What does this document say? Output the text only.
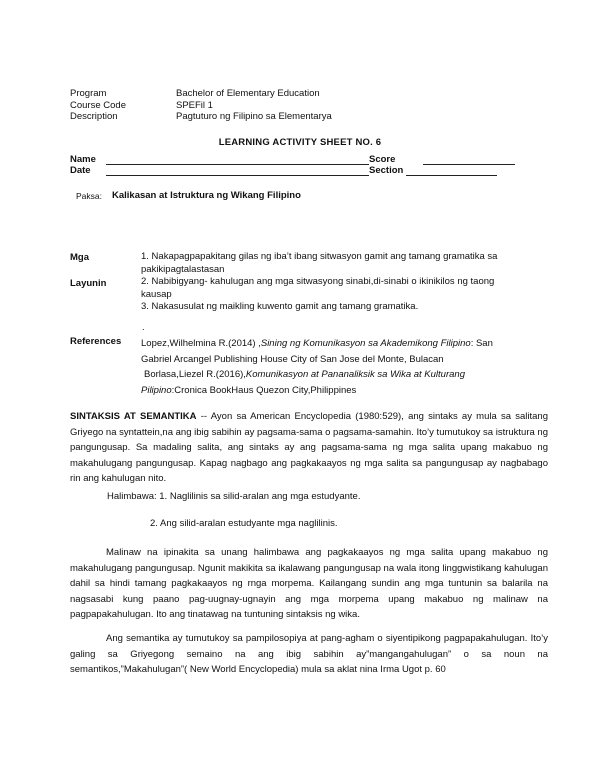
Program	Bachelor of Elementary Education
Course Code	SPEFil 1
Description	Pagtuturo ng Filipino sa Elementarya
LEARNING ACTIVITY SHEET NO. 6
Name	Score
Date	Section
Paksa:	Kalikasan at Istruktura ng Wikang Filipino
Mga
Layunin
1. Nakapagpapakitang gilas ng iba’t ibang sitwasyon gamit ang tamang gramatika sa
pakikipagtalastasan
2. Nabibigyang- kahulugan ang mga sitwasyong sinabi,di-sinabi o ikinikilos ng taong
kausap
3. Nakasusulat ng maikling kuwento gamit ang tamang gramatika.
.
References Lopez,Wilhelmina R.(2014) ,Sining ng Komunikasyon sa Akademikong Filipino: San
Gabriel Arcangel Publishing House City of San Jose del Monte, Bulacan
Borlasa,Liezel R.(2016),Komunikasyon at Pananaliksik sa Wika at Kulturang
Pilipino:Cronica BookHaus Quezon City,Philippines

SINTAKSIS AT SEMANTIKA -- Ayon sa American Encyclopedia (1980:529), ang sintaks ay mula sa salitang Griyego na syntattein,na ang ibig sabihin ay pagsama-sama o pagsama-samahin. Ito’y tumutukoy sa istruktura ng pangungusap. Sa madaling salita, ang sintaks ay ang pagsama-sama ng mga salita upang makabuo ng makahulugang pangungusap. Kapag nagbago ang pagkakaayos ng mga salita sa pangungusap ay nagbabago rin ang kahulugan nito.

Halimbawa: 1. Naglilinis sa silid-aralan ang mga estudyante.
2. Ang silid-aralan estudyante mga naglilinis.
Malinaw na ipinakita sa unang halimbawa ang pagkakaayos ng mga salita upang makabuo ng makahulugang pangungusap. Ngunit makikita sa ikalawang pangungusap na wala itong linggwistikang kahulugan dahil sa hindi tamang pagkakaayos ng rnga morpema. Kailangang sundin ang mga tuntunin sa balarila na nagsasabi kung paano pag-uugnay-ugnayin ang mga morpema upang makabuo ng malinaw na pagpapakahulugan. Ito ang tinatawag na tuntuning sintaksis ng wika.
Ang semantika ay tumutukoy sa pampilosopiya at pang-agham o siyentipikong pagpapakahulugan. Ito’y galing sa Griyegong semaino na ang ibig sabihin ay”mangangahulugan” o sa noun na semantikos,”Makahulugan”( New World Encyclopedia) mula sa aklat nina Irma Ugot p. 60
